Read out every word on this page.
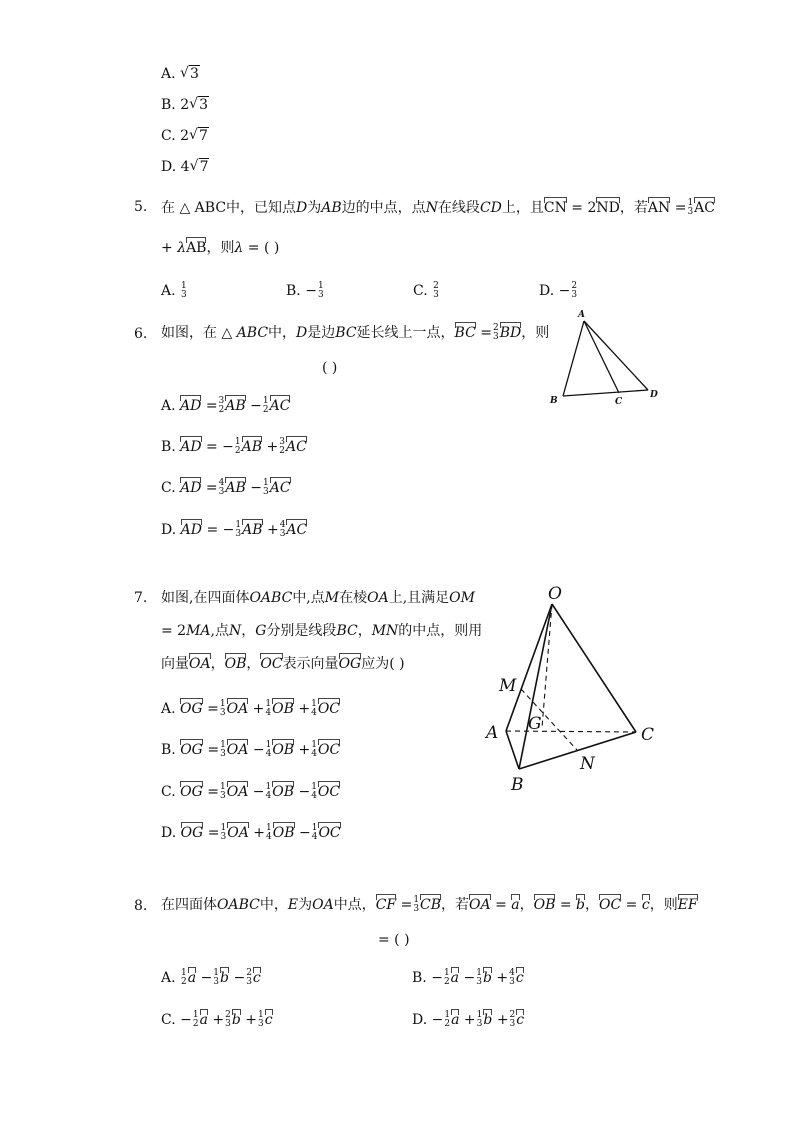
A. √ 3
B. 2 √ 3
C. 2 √ 7
D. 4 √ 7
5. 在 △ ABC中，已知点D为AB边的中点，点N在线段CD上，且CN = 2ND，若AN = 1
3 AC
+ λAB，则λ = ( )
A. 1
3	B. − 1
3	C. 2
3	D. − 2
3
6. 如图，在 △ ABC中，D是边BC延长线上一点，BC = 2
3 BD，则
( )
A. AD = 3
2 AB − 1
2 AC
B. AD = − 1
2 AB + 3
2 AC
C. AD = 4
3 AB − 1
3 AC
D. AD = − 1
3 AB + 4
3 AC
A
B	C
D
7. 如图,在四面体OABC中,点M在棱OA上,且满足OM
= 2MA,点N，G分别是线段BC，MN的中点，则用
向量OA，OB，OC表示向量OG应为( )
A. OG = 1
3 OA + 1
4 OB + 1
4 OC
B. OG = 1
3 OA − 1
4 OB + 1
4 OC
C. OG = 1
3 OA − 1
4 OB − 1
4 OC
D. OG = 1
3 OA + 1
4 OB − 1
4 OC
O
M
G
A
B
C
N
8. 在四面体OABC中，E为OA中点，CF = 1
3 CB，若OA = a，OB = b，OC = c，则EF
= ( )
A. 1
2 a − 1
3 b − 2
3 c	B. − 1
2 a − 1
3 b + 4
3 c
C. − 1
2 a + 2
3 b + 1
3 c	D. − 1
2 a + 1
3 b + 2
3 c
